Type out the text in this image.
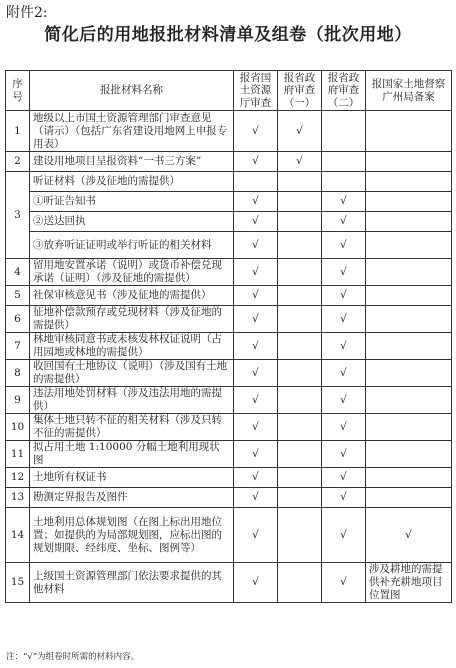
附件2:
简化后的用地报批材料清单及组卷（批次用地）
序号	报批材料名称	报省国土资源厅审查	报省政府审查（一）	报省政府审查（二）	报国家土地督察广州局备案
1	地级以上市国土资源管理部门审查意见（请示）（包括广东省建设用地网上申报专用表）	√	√		
2	建设用地项目呈报资料“一书三方案”	√	√		
3	听证材料（涉及征地的需提供）				
	①听证告知书	√		√	
	②送达回执	√		√	
	③放弃听证证明或举行听证的相关材料	√		√	
4	留用地安置承诺（说明）或货币补偿兑现承诺（证明）（涉及征地的需提供）	√		√	
5	社保审核意见书（涉及征地的需提供）	√		√	
6	征地补偿款预存或兑现材料（涉及征地的需提供）	√		√	
7	林地审核同意书或未核发林权证说明（占用园地或林地的需提供）	√		√	
8	收回国有土地协议（说明）（涉及国有土地的需提供）	√		√	
9	违法用地处罚材料（涉及违法用地的需提供）	√		√	
10	集体土地只转不征的相关材料（涉及只转不征的需提供）	√		√	
11	拟占用土地 1:10000 分幅土地利用现状图	√		√	
12	土地所有权证书	√		√	
13	勘测定界报告及图件	√		√	
14	土地利用总体规划图（在图上标出用地位置；如提供的为局部规划图，应标出图的规划期限、经纬度、坐标、图例等）	√		√	√
15	上级国土资源管理部门依法要求提供的其他材料	√		√	涉及耕地的需提供补充耕地项目位置图
注：“√”为组卷时所需的材料内容。
